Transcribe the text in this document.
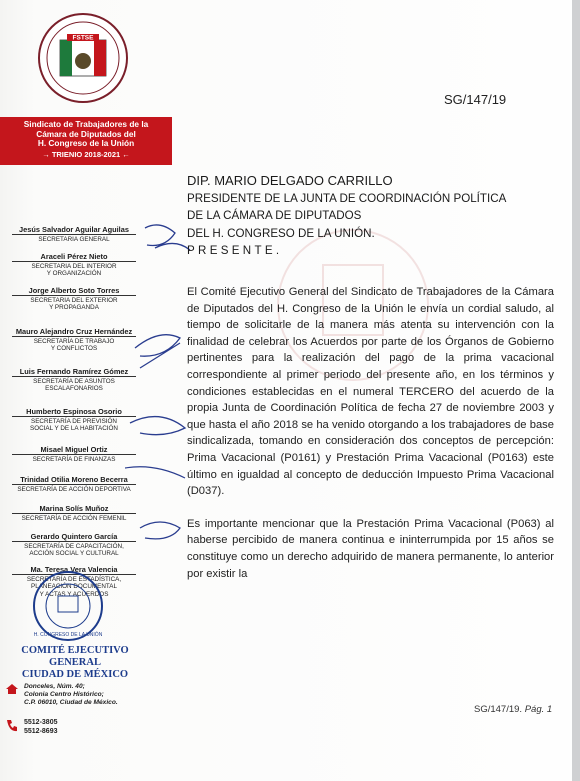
FSTSE
Sindicato de Trabajadores de la
Cámara de Diputados del
H. Congreso de la Unión
→ TRIENIO 2018-2021 ←
Jesús Salvador Aguilar Aguilas
SECRETARIA GENERAL
Araceli Pérez Nieto
SECRETARIA DEL INTERIOR
Y ORGANIZACIÓN
Jorge Alberto Soto Torres
SECRETARIA DEL EXTERIOR
Y PROPAGANDA
Mauro Alejandro Cruz Hernández
SECRETARÍA DE TRABAJO
Y CONFLICTOS
Luis Fernando Ramírez Gómez
SECRETARÍA DE ASUNTOS
ESCALAFONARIOS
Humberto Espinosa Osorio
SECRETARÍA DE PREVISIÓN
SOCIAL Y DE LA HABITACIÓN
Misael Miguel Ortiz
SECRETARÍA DE FINANZAS
Trinidad Otilia Moreno Becerra
SECRETARÍA DE ACCIÓN DEPORTIVA
Marina Solís Muñoz
SECRETARÍA DE ACCIÓN FEMENIL
Gerardo Quintero García
SECRETARÍA DE CAPACITACIÓN,
ACCIÓN SOCIAL Y CULTURAL
Ma. Teresa Vera Valencia
SECRETARÍA DE ESTADÍSTICA,
PLANEACIÓN DOCUMENTAL
Y ACTAS Y ACUERDOS
H. CONGRESO DE LA UNIÓN
COMITÉ EJECUTIVO GENERAL
CIUDAD DE MÉXICO
Donceles, Núm. 40;
Colonia Centro Histórico;
C.P. 06010, Ciudad de México.
5512-3805
5512-8693
SG/147/19
DIP. MARIO DELGADO CARRILLO
PRESIDENTE DE LA JUNTA DE COORDINACIÓN POLÍTICA
DE LA CÁMARA DE DIPUTADOS
DEL H. CONGRESO DE LA UNIÓN.
PRESENTE.

El Comité Ejecutivo General del Sindicato de Trabajadores de la Cámara de Diputados del H. Congreso de la Unión le envía un cordial saludo, al tiempo de solicitarle de la manera más atenta su intervención con la finalidad de celebrar los Acuerdos por parte de los Órganos de Gobierno pertinentes para la realización del pago de la prima vacacional correspondiente al primer periodo del presente año, en los términos y condiciones establecidas en el numeral TERCERO del acuerdo de la propia Junta de Coordinación Política de fecha 27 de noviembre 2003 y que hasta el año 2018 se ha venido otorgando a los trabajadores de base sindicalizada, tomando en consideración dos conceptos de percepción: Prima Vacacional (P0161) y Prestación Prima Vacacional (P0163) este último en igualdad al concepto de deducción Impuesto Prima Vacacional (D037).

Es importante mencionar que la Prestación Prima Vacacional (P063) al haberse percibido de manera continua e ininterrumpida por 15 años se constituye como un derecho adquirido de manera permanente, lo anterior por existir la

SG/147/19. Pág. 1
